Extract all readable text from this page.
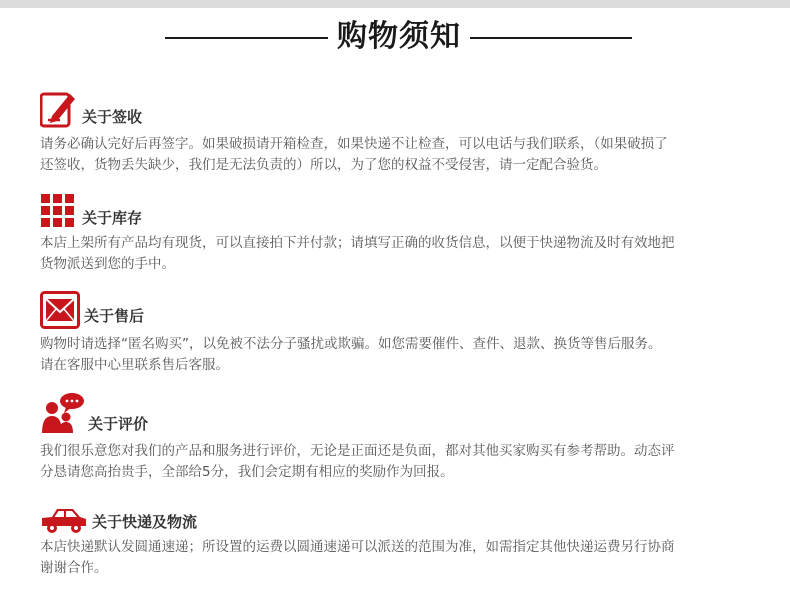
购物须知
关于签收
请务必确认完好后再签字。如果破损请开箱检查，如果快递不让检查，可以电话与我们联系，（如果破损了
还签收，货物丢失缺少，我们是无法负责的）所以，为了您的权益不受侵害，请一定配合验货。
关于库存
本店上架所有产品均有现货，可以直接拍下并付款；请填写正确的收货信息，以便于快递物流及时有效地把
货物派送到您的手中。
关于售后
购物时请选择“匿名购买”，以免被不法分子骚扰或欺骗。如您需要催件、查件、退款、换货等售后服务。
请在客服中心里联系售后客服。
关于评价
我们很乐意您对我们的产品和服务进行评价，无论是正面还是负面，都对其他买家购买有参考帮助。动态评
分恳请您高抬贵手，全部给5分，我们会定期有相应的奖励作为回报。
关于快递及物流
本店快递默认发圆通速递；所设置的运费以圆通速递可以派送的范围为准，如需指定其他快递运费另行协商
谢谢合作。
